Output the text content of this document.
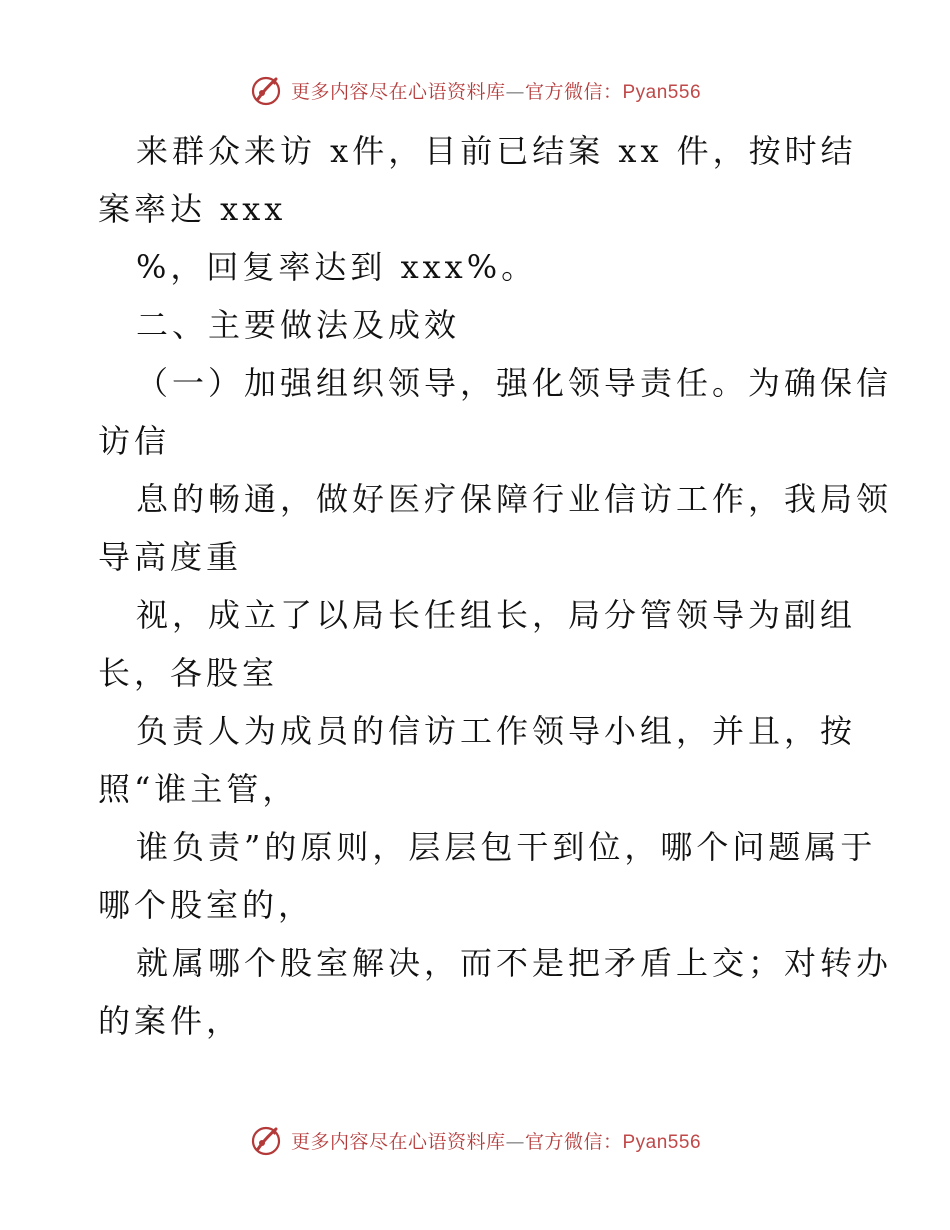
更多内容尽在心语资料库—官方微信：Pyan556
来群众来访 x件，目前已结案 xx 件，按时结
案率达 xxx
%，回复率达到 xxx%。
二、主要做法及成效
（一）加强组织领导，强化领导责任。为确保信
访信
息的畅通，做好医疗保障行业信访工作，我局领
导高度重
视，成立了以局长任组长，局分管领导为副组
长，各股室
负责人为成员的信访工作领导小组，并且，按
照“谁主管，
谁负责”的原则，层层包干到位，哪个问题属于
哪个股室的，
就属哪个股室解决，而不是把矛盾上交；对转办
的案件，
更多内容尽在心语资料库—官方微信：Pyan556
